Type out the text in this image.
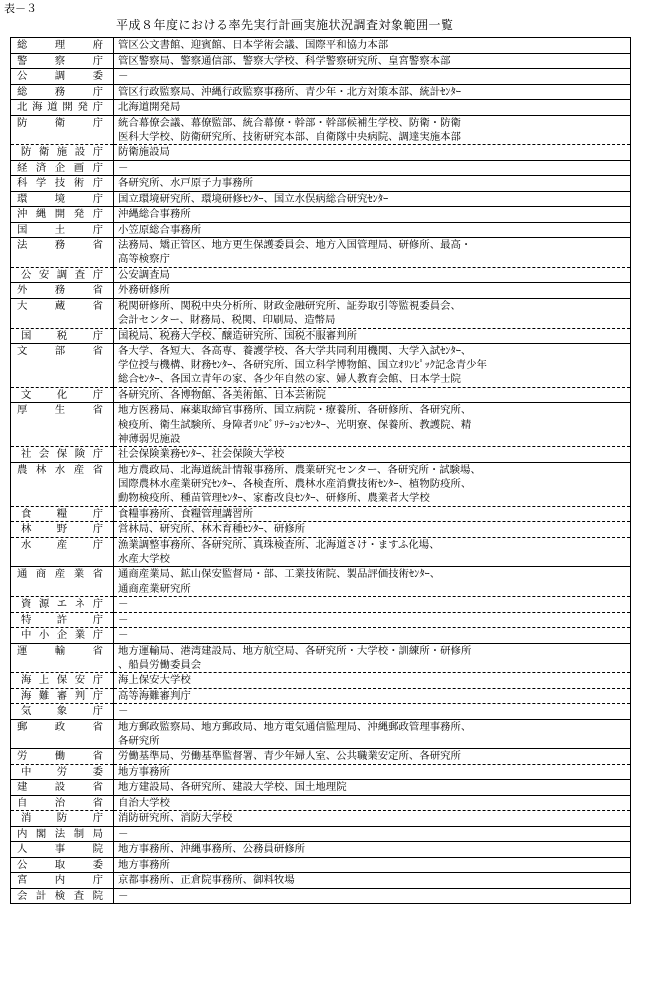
表－３
平成８年度における率先実行計画実施状況調査対象範囲一覧
総理府	管区公文書館、迎賓館、日本学術会議、国際平和協力本部
警察庁	管区警察局、警察通信部、警察大学校、科学警察研究所、皇宮警察本部
公調委	－
総務庁	管区行政監察局、沖縄行政監察事務所、青少年・北方対策本部、統計ｾﾝﾀｰ
北海道開発庁	北海道開発局
防衛庁	統合幕僚会議、幕僚監部、統合幕僚・幹部・幹部候補生学校、防衛・防衛
医科大学校、防衛研究所、技術研究本部、自衛隊中央病院、調達実施本部
防衛施設庁	防衛施設局
経済企画庁	－
科学技術庁	各研究所、水戸原子力事務所
環境庁	国立環境研究所、環境研修ｾﾝﾀｰ、国立水俣病総合研究ｾﾝﾀｰ
沖縄開発庁	沖縄総合事務所
国土庁	小笠原総合事務所
法務省	法務局、矯正管区、地方更生保護委員会、地方入国管理局、研修所、最高・
高等検察庁
公安調査庁	公安調査局
外務省	外務研修所
大蔵省	税関研修所、関税中央分析所、財政金融研究所、証券取引等監視委員会、
会計センター、財務局、税関、印刷局、造幣局
国税庁	国税局、税務大学校、醸造研究所、国税不服審判所
文部省	各大学、各短大、各高専、養護学校、各大学共同利用機関、大学入試ｾﾝﾀｰ、
学位授与機構、財務ｾﾝﾀｰ、各研究所、国立科学博物館、国立ｵﾘﾝﾋﾟｯｸ記念青少年
総合ｾﾝﾀｰ、各国立青年の家、各少年自然の家、婦人教育会館、日本学士院
文化庁	各研究所、各博物館、各美術館、日本芸術院
厚生省	地方医務局、麻薬取締官事務所、国立病院・療養所、各研修所、各研究所、
検疫所、衛生試験所、身障者ﾘﾊﾋﾞﾘﾃｰｼｮﾝｾﾝﾀｰ、光明寮、保養所、教護院、精
神薄弱児施設
社会保険庁	社会保険業務ｾﾝﾀｰ、社会保険大学校
農林水産省	地方農政局、北海道統計情報事務所、農業研究センター、各研究所・試験場、
国際農林水産業研究ｾﾝﾀｰ、各検査所、農林水産消費技術ｾﾝﾀｰ、植物防疫所、
動物検疫所、種苗管理ｾﾝﾀｰ、家畜改良ｾﾝﾀｰ、研修所、農業者大学校
食糧庁	食糧事務所、食糧管理講習所
林野庁	営林局、研究所、林木育種ｾﾝﾀｰ、研修所
水産庁	漁業調整事務所、各研究所、真珠検査所、北海道さけ・ますふ化場、
水産大学校
通商産業省	通商産業局、鉱山保安監督局・部、工業技術院、製品評価技術ｾﾝﾀｰ、
通商産業研究所
資源エネ庁	－
特許庁	－
中小企業庁	－
運輸省	地方運輸局、港湾建設局、地方航空局、各研究所・大学校・訓練所・研修所
、船員労働委員会
海上保安庁	海上保安大学校
海難審判庁	高等海難審判庁
気象庁	－
郵政省	地方郵政監察局、地方郵政局、地方電気通信監理局、沖縄郵政管理事務所、
各研究所
労働省	労働基準局、労働基準監督署、青少年婦人室、公共職業安定所、各研究所
中労委	地方事務所
建設省	地方建設局、各研究所、建設大学校、国土地理院
自治省	自治大学校
消防庁	消防研究所、消防大学校
内閣法制局	－
人事院	地方事務所、沖縄事務所、公務員研修所
公取委	地方事務所
宮内庁	京都事務所、正倉院事務所、御料牧場
会計検査院	－
